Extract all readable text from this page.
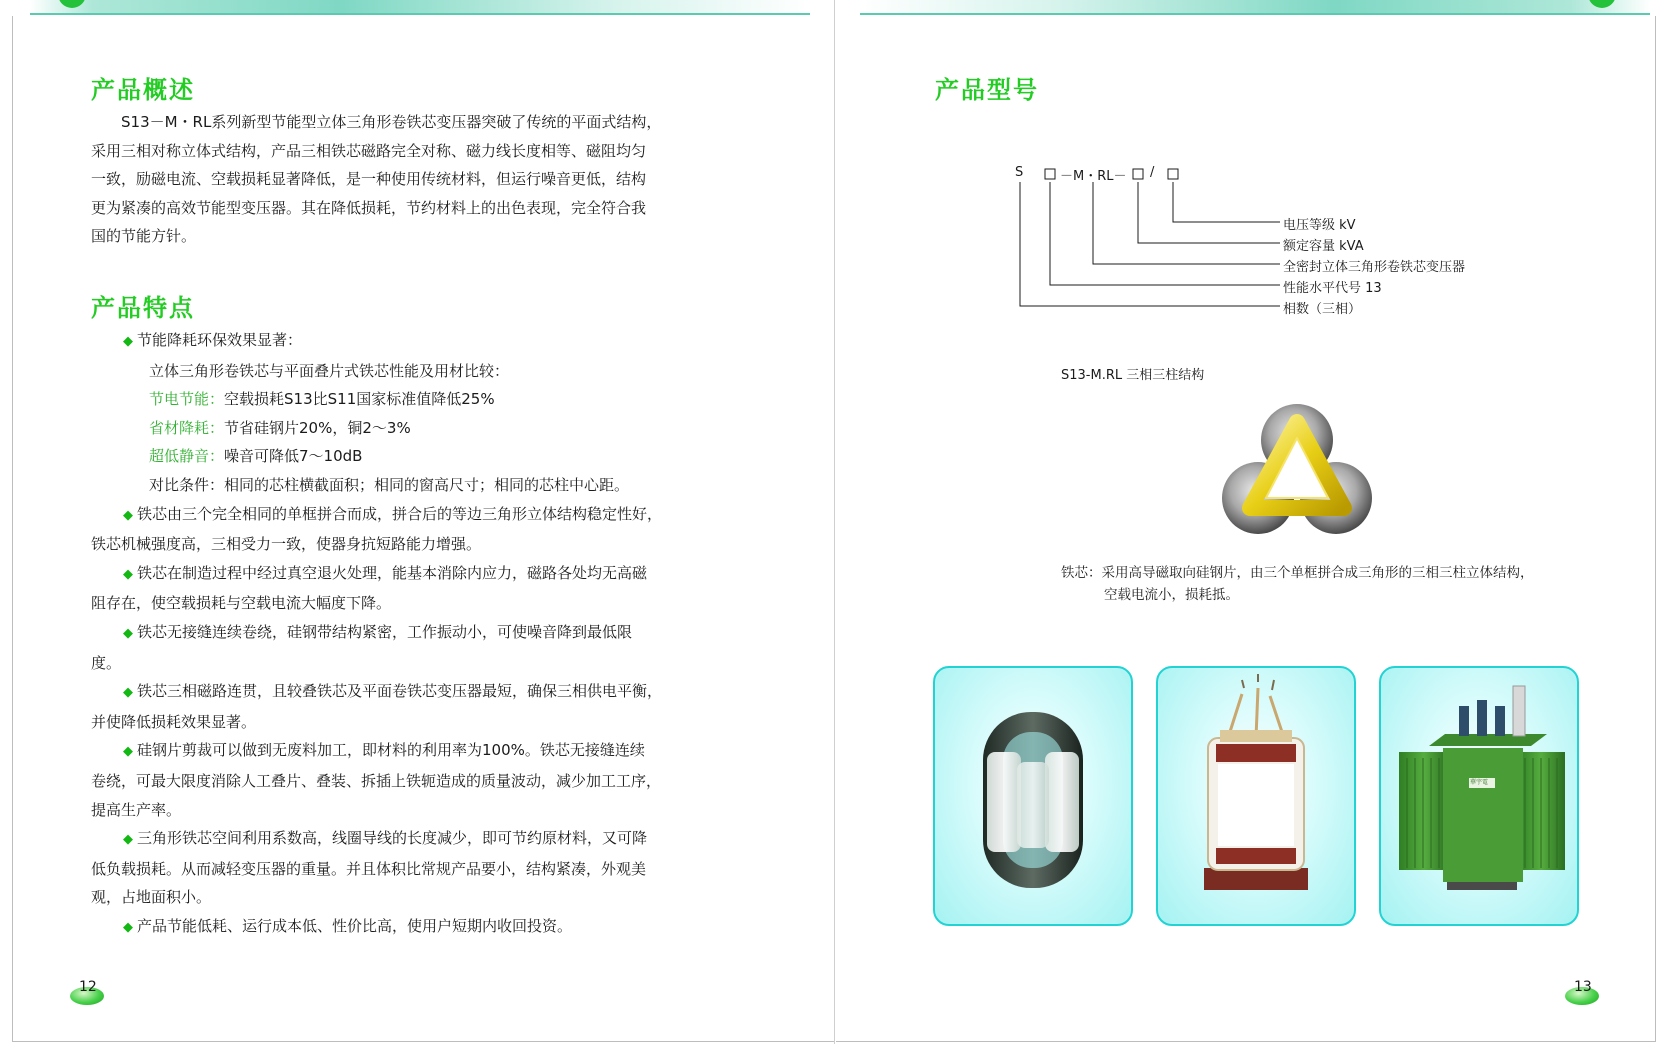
产品概述
S13－M・RL系列新型节能型立体三角形卷铁芯变压器突破了传统的平面式结构，
采用三相对称立体式结构，产品三相铁芯磁路完全对称、磁力线长度相等、磁阻均匀
一致，励磁电流、空载损耗显著降低，是一种使用传统材料，但运行噪音更低，结构
更为紧凑的高效节能型变压器。其在降低损耗，节约材料上的出色表现，完全符合我
国的节能方针。
产品特点
◆ 节能降耗环保效果显著：
立体三角形卷铁芯与平面叠片式铁芯性能及用材比较：
节电节能：空载损耗S13比S11国家标准值降低25%
省材降耗：节省硅钢片20%，铜2～3%
超低静音：噪音可降低7～10dB
对比条件：相同的芯柱横截面积；相同的窗高尺寸；相同的芯柱中心距。
◆ 铁芯由三个完全相同的单框拼合而成，拼合后的等边三角形立体结构稳定性好，
铁芯机械强度高，三相受力一致，使器身抗短路能力增强。
◆ 铁芯在制造过程中经过真空退火处理，能基本消除内应力，磁路各处均无高磁
阻存在，使空载损耗与空载电流大幅度下降。
◆ 铁芯无接缝连续卷绕，硅钢带结构紧密，工作振动小，可使噪音降到最低限
度。
◆ 铁芯三相磁路连贯，且较叠铁芯及平面卷铁芯变压器最短，确保三相供电平衡，
并使降低损耗效果显著。
◆ 硅钢片剪裁可以做到无废料加工，即材料的利用率为100%。铁芯无接缝连续
卷绕，可最大限度消除人工叠片、叠装、拆插上铁轭造成的质量波动，减少加工工序，
提高生产率。
◆ 三角形铁芯空间利用系数高，线圈导线的长度减少，即可节约原材料，又可降
低负载损耗。从而减轻变压器的重量。并且体积比常规产品要小，结构紧凑，外观美
观，占地面积小。
◆ 产品节能低耗、运行成本低、性价比高，使用户短期内收回投资。
12
产品型号
S	－M・RL－ /
电压等级 kV
额定容量 kVA
全密封立体三角形卷铁芯变压器
性能水平代号 13
相数（三相）
S13-M.RL 三相三柱结构
铁芯：采用高导磁取向硅钢片，由三个单框拼合成三角形的三相三柱立体结构，
空载电流小，损耗抵。
華宇電
13
